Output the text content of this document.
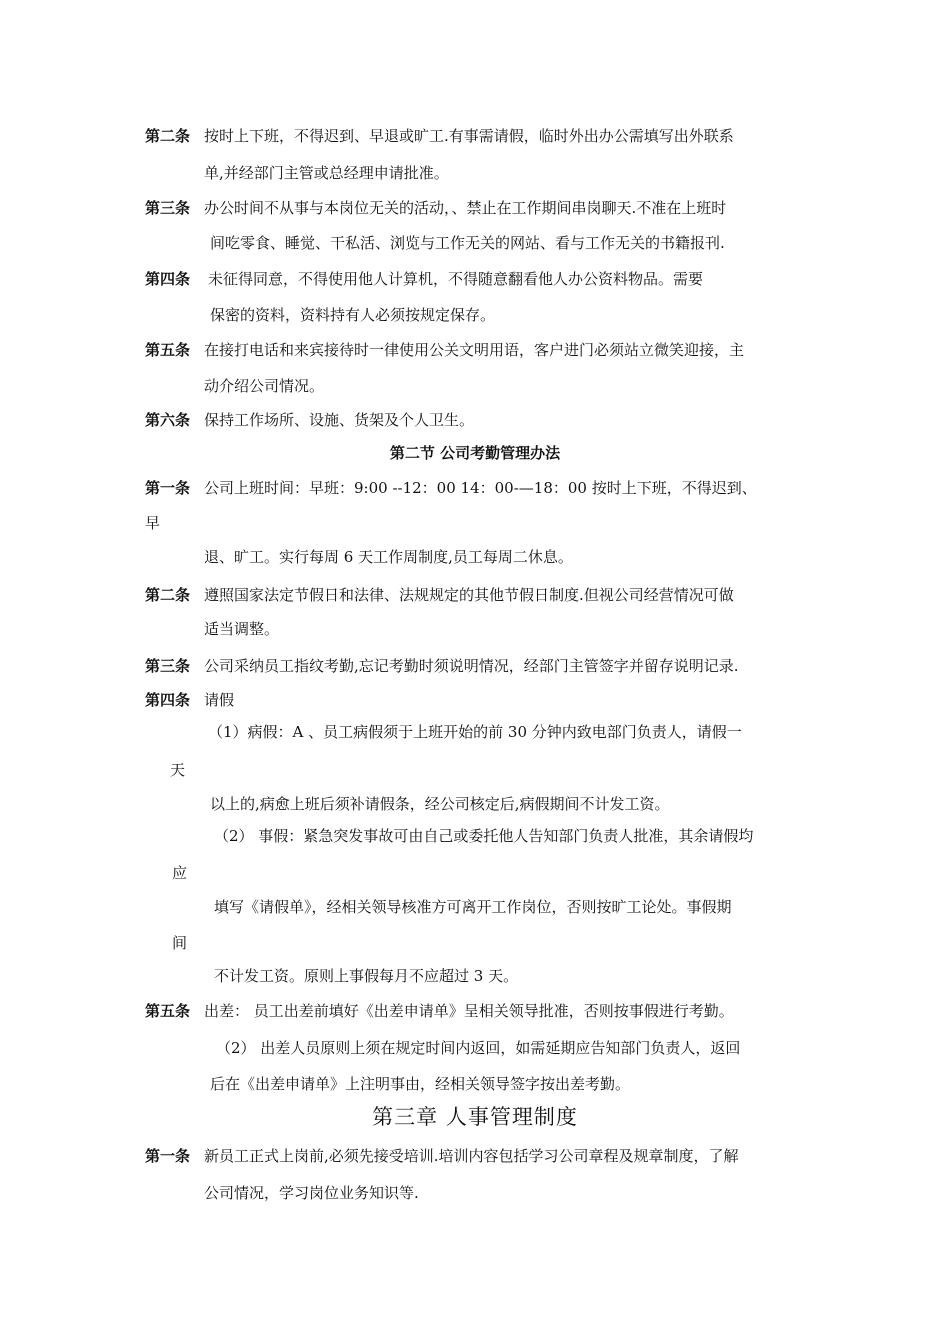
第二条 按时上下班，不得迟到、早退或旷工.有事需请假，临时外出办公需填写出外联系
单,并经部门主管或总经理申请批准。
第三条 办公时间不从事与本岗位无关的活动，、禁止在工作期间串岗聊天.不准在上班时
间吃零食、睡觉、干私活、浏览与工作无关的网站、看与工作无关的书籍报刊.
第四条 未征得同意，不得使用他人计算机，不得随意翻看他人办公资料物品。需要
保密的资料，资料持有人必须按规定保存。
第五条 在接打电话和来宾接待时一律使用公关文明用语，客户进门必须站立微笑迎接，主
动介绍公司情况。
第六条 保持工作场所、设施、货架及个人卫生。
第二节 公司考勤管理办法
第一条 公司上班时间：早班：9:00 --12：00 14：00-—18：00 按时上下班，不得迟到、
早
退、旷工。实行每周 6 天工作周制度,员工每周二休息。
第二条 遵照国家法定节假日和法律、法规规定的其他节假日制度.但视公司经营情况可做
适当调整。
第三条 公司采纳员工指纹考勤,忘记考勤时须说明情况，经部门主管签字并留存说明记录.
第四条 请假
（1）病假：A 、员工病假须于上班开始的前 30 分钟内致电部门负责人，请假一
天
以上的,病愈上班后须补请假条，经公司核定后,病假期间不计发工资。
（2） 事假：紧急突发事故可由自己或委托他人告知部门负责人批准，其余请假均
应
填写《请假单》，经相关领导核准方可离开工作岗位，否则按旷工论处。事假期
间
不计发工资。原则上事假每月不应超过 3 天。
第五条 出差： 员工出差前填好《出差申请单》呈相关领导批准，否则按事假进行考勤。
（2） 出差人员原则上须在规定时间内返回，如需延期应告知部门负责人，返回
后在《出差申请单》上注明事由，经相关领导签字按出差考勤。
第三章 人事管理制度
第一条 新员工正式上岗前,必须先接受培训.培训内容包括学习公司章程及规章制度，了解
公司情况，学习岗位业务知识等.
